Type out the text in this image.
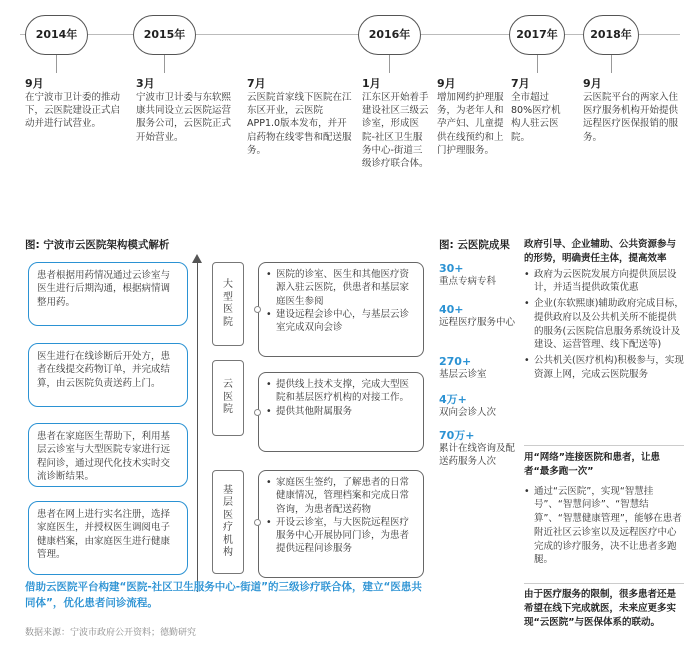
2014年	2015年	2016年	2017年	2018年
9月
在宁波市卫计委的推动下，云医院建设正式启动并进行试营业。
3月
宁波市卫计委与东软熙康共同设立云医院运营服务公司，云医院正式开始营业。
7月
云医院首家线下医院在江东区开业，云医院APP1.0版本发布，并开启药物在线零售和配送服务。
1月
江东区开始着手建设社区三级云诊室，形成医院-社区卫生服务中心-街道三级诊疗联合体。
9月
增加网约护理服务，为老年人和孕产妇、儿童提供在线预约和上门护理服务。
7月
全市超过80%医疗机构人驻云医院。
9月
云医院平台的两家入住医疗服务机构开始提供远程医疗医保报销的服务。
图: 宁波市云医院架构模式解析
患者根据用药情况通过云诊室与医生进行后期沟通，根据病情调整用药。
医生进行在线诊断后开处方，患者在线提交药物订单，并完成结算，由云医院负责送药上门。
患者在家庭医生帮助下，利用基层云诊室与大型医院专家进行远程问诊，通过现代化技术实时交流诊断结果。
患者在网上进行实名注册，选择家庭医生，并授权医生调阅电子健康档案，由家庭医生进行健康管理。
大型医院
云医院
基层医疗机构
• 医院的诊室、医生和其他医疗资源入驻云医院，供患者和基层家庭医生参阅
• 建设远程会诊中心，与基层云诊室完成双向会诊
• 提供线上技术支撑，完成大型医院和基层医疗机构的对接工作。
• 提供其他附属服务
• 家庭医生签约，了解患者的日常健康情况，管理档案和完成日常咨询，为患者配送药物
• 开设云诊室，与大医院远程医疗服务中心开展协同门诊，为患者提供远程问诊服务
借助云医院平台构建“医院-社区卫生服务中心-街道”的三级诊疗联合体，建立“医患共同体”，优化患者问诊流程。
数据来源：宁波市政府公开资料；德勤研究
图: 云医院成果
30+
重点专病专科
40+
远程医疗服务中心
270+
基层云诊室
4万+
双向会诊人次
70万+
累计在线咨询及配送药服务人次
政府引导、企业辅助、公共资源参与的形势，明确责任主体，提高效率
• 政府为云医院发展方向提供顶层设计，并适当提供政策优惠
• 企业(东软熙康)辅助政府完成目标，提供政府以及公共机关所不能提供的服务(云医院信息服务系统设计及建设、运营管理、线下配送等)
• 公共机关(医疗机构)积极参与，实现资源上网，完成云医院服务
用“网络”连接医院和患者，让患者“最多跑一次”
• 通过“云医院”，实现“智慧挂号”、“智慧问诊”、“智慧结算”、“智慧健康管理”，能够在患者附近社区云诊室以及远程医疗中心完成的诊疗服务，决不让患者多跑腿。
由于医疗服务的限制，很多患者还是希望在线下完成就医，未来应更多实现“云医院”与医保体系的联动。
